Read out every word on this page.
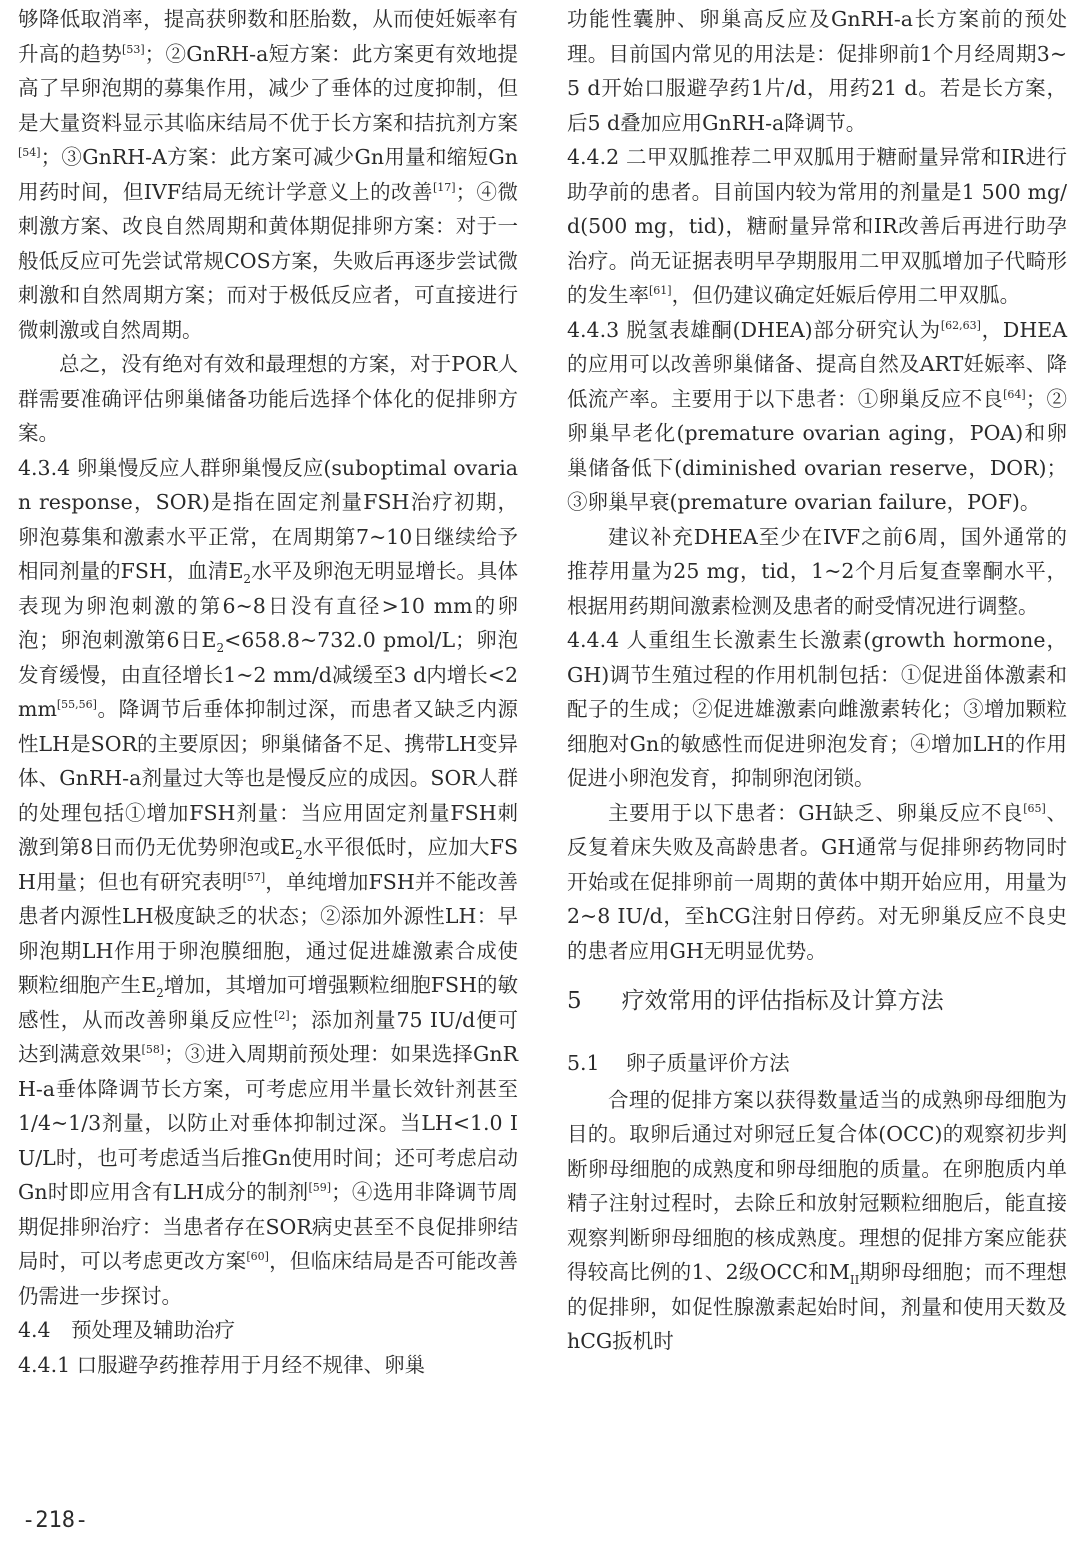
够降低取消率，提高获卵数和胚胎数，从而使妊娠率有升高的趋势[53]；②GnRH-a短方案：此方案更有效地提高了早卵泡期的募集作用，减少了垂体的过度抑制，但是大量资料显示其临床结局不优于长方案和拮抗剂方案[54]；③GnRH-A方案：此方案可减少Gn用量和缩短Gn用药时间，但IVF结局无统计学意义上的改善[17]；④微刺激方案、改良自然周期和黄体期促排卵方案：对于一般低反应可先尝试常规COS方案，失败后再逐步尝试微刺激和自然周期方案；而对于极低反应者，可直接进行微刺激或自然周期。

总之，没有绝对有效和最理想的方案，对于POR人群需要准确评估卵巢储备功能后选择个体化的促排卵方案。

4.3.4 卵巢慢反应人群卵巢慢反应(suboptimal ovarian response，SOR)是指在固定剂量FSH治疗初期，卵泡募集和激素水平正常，在周期第7~10日继续给予相同剂量的FSH，血清$E_2$水平及卵泡无明显增长。具体表现为卵泡刺激的第6~8日没有直径>10 mm的卵泡；卵泡刺激第6日$E_2<658.8\sim 732.0$ pmol/L；卵泡发育缓慢，由直径增长1~2 mm/d减缓至3 d内增长<2 mm[55,56]。降调节后垂体抑制过深，而患者又缺乏内源性LH是SOR的主要原因；卵巢储备不足、携带LH变异体、GnRH-a剂量过大等也是慢反应的成因。SOR人群的处理包括①增加FSH剂量：当应用固定剂量FSH刺激到第8日而仍无优势卵泡或$E_2$水平很低时，应加大FSH用量；但也有研究表明[57]，单纯增加FSH并不能改善患者内源性LH极度缺乏的状态；②添加外源性LH：早卵泡期LH作用于卵泡膜细胞，通过促进雄激素合成使颗粒细胞产生$E_2$增加，其增加可增强颗粒细胞FSH的敏感性，从而改善卵巢反应性[2]；添加剂量75 IU/d便可达到满意效果[58]；③进入周期前预处理：如果选择GnRH-a垂体降调节长方案，可考虑应用半量长效针剂甚至1/4~1/3剂量，以防止对垂体抑制过深。当LH<1.0 IU/L时，也可考虑适当后推Gn使用时间；还可考虑启动Gn时即应用含有LH成分的制剂[59]；④选用非降调节周期促排卵治疗：当患者存在SOR病史甚至不良促排卵结局时，可以考虑更改方案[60]，但临床结局是否可能改善仍需进一步探讨。

4.4　预处理及辅助治疗

4.4.1 口服避孕药推荐用于月经不规律、卵巢

功能性囊肿、卵巢高反应及GnRH-a长方案前的预处理。目前国内常见的用法是：促排卵前1个月经周期3~5 d开始口服避孕药1片/d，用药21 d。若是长方案，后5 d叠加应用GnRH-a降调节。

4.4.2 二甲双胍推荐二甲双胍用于糖耐量异常和IR进行助孕前的患者。目前国内较为常用的剂量是1 500 mg/d(500 mg，tid)，糖耐量异常和IR改善后再进行助孕治疗。尚无证据表明早孕期服用二甲双胍增加子代畸形的发生率[61]，但仍建议确定妊娠后停用二甲双胍。

4.4.3 脱氢表雄酮(DHEA)部分研究认为[62,63]，DHEA的应用可以改善卵巢储备、提高自然及ART妊娠率、降低流产率。主要用于以下患者：①卵巢反应不良[64]；②卵巢早老化(premature ovarian aging，POA)和卵巢储备低下(diminished ovarian reserve，DOR)；③卵巢早衰(premature ovarian failure，POF)。

建议补充DHEA至少在IVF之前6周，国外通常的推荐用量为25 mg，tid，1~2个月后复查睾酮水平，根据用药期间激素检测及患者的耐受情况进行调整。

4.4.4 人重组生长激素生长激素(growth hormone，GH)调节生殖过程的作用机制包括：①促进甾体激素和配子的生成；②促进雄激素向雌激素转化；③增加颗粒细胞对Gn的敏感性而促进卵泡发育；④增加LH的作用促进小卵泡发育，抑制卵泡闭锁。

主要用于以下患者：GH缺乏、卵巢反应不良[65]、反复着床失败及高龄患者。GH通常与促排卵药物同时开始或在促排卵前一周期的黄体中期开始应用，用量为2~8 IU/d，至hCG注射日停药。对无卵巢反应不良史的患者应用GH无明显优势。

5 疗效常用的评估指标及计算方法
5.1 卵子质量评价方法

合理的促排方案以获得数量适当的成熟卵母细胞为目的。取卵后通过对卵冠丘复合体(OCC)的观察初步判断卵母细胞的成熟度和卵母细胞的质量。在卵胞质内单精子注射过程时，去除丘和放射冠颗粒细胞后，能直接观察判断卵母细胞的核成熟度。理想的促排方案应能获得较高比例的1、2级OCC和$M_{II}$期卵母细胞；而不理想的促排卵，如促性腺激素起始时间，剂量和使用天数及hCG扳机时

-218-
